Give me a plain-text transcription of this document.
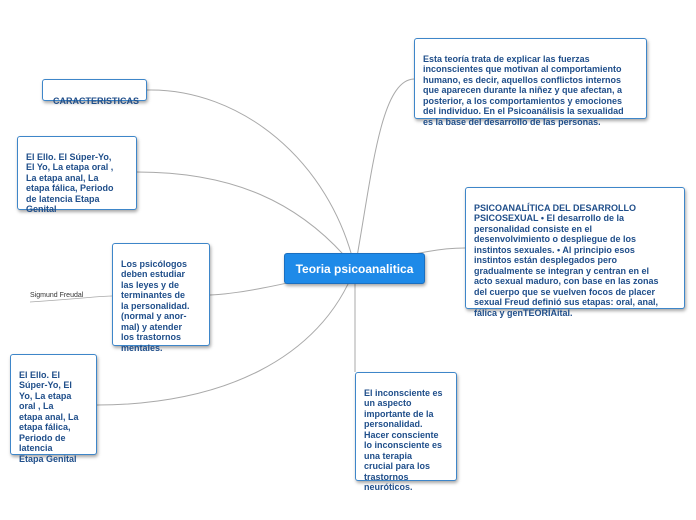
Teoria psicoanalitica

Esta teoría trata de explicar las fuerzas
inconscientes que motivan al comportamiento
humano, es decir, aquellos conflictos internos
que aparecen durante la niñez y que afectan, a
posterior, a los comportamientos y emociones
del individuo. En el Psicoanálisis la sexualidad
es la base del desarrollo de las personas.

PSICOANALÍTICA DEL DESARROLLO
PSICOSEXUAL • El desarrollo de la
personalidad consiste en el
desenvolvimiento o despliegue de los
instintos sexuales. • Al principio esos
instintos están desplegados pero
gradualmente se integran y centran en el
acto sexual maduro, con base en las zonas
del cuerpo que se vuelven focos de placer
sexual Freud definió sus etapas: oral, anal,
fálica y genTEORÍAital.

El inconsciente es
un aspecto
importante de la
personalidad.
Hacer consciente
lo inconsciente es
una terapia
crucial para los
trastornos
neuróticos.

CARACTERISTICAS

El Ello. El Súper-Yo,
El Yo, La etapa oral ,
La etapa anal, La
etapa fálica, Periodo
de latencia Etapa
Genital

Los psicólogos
deben estudiar
las leyes y de
terminantes de
la personalidad.
(normal y anor-
mal) y atender
los trastornos
mentales.

El Ello. El
Súper-Yo, El
Yo, La etapa
oral , La
etapa anal, La
etapa fálica,
Periodo de
latencia
Etapa Genital

Sigmund Freudal
